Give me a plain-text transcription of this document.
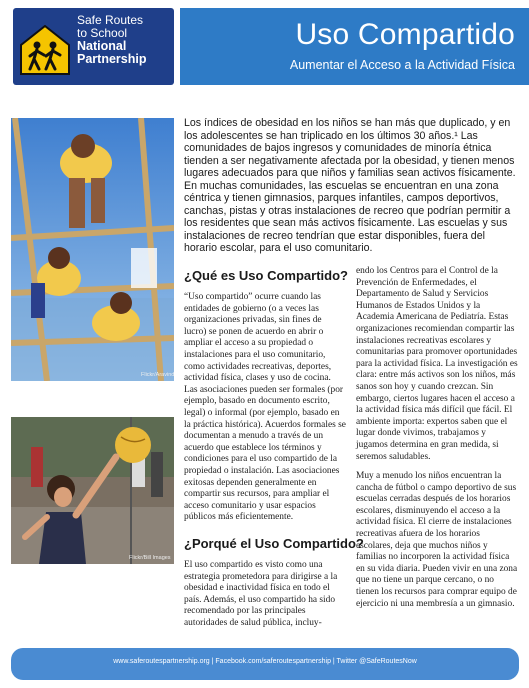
Safe Routes
to School
National
Partnership
Uso Compartido
Aumentar el Acceso a la Actividad Física
Flickr/Aravind
Flickr/Bill Images
Los índices de obesidad en los niños se han más que duplicado, y en los adolescentes se han triplicado en los últimos 30 años.¹ Las comunidades de bajos ingresos y comunidades de minoría étnica tienden a ser negativamente afectada por la obesidad, y tienen menos lugares adecuados para que niños y familias sean activos físicamente. En muchas comunidades, las escuelas se encuentran en una zona céntrica y tienen gimnasios, parques infantiles, campos deportivos, canchas, pistas y otras instalaciones de recreo que podrían permitir a los residentes que sean más activos físicamente. Las escuelas y sus instalaciones de recreo tendrían que estar disponibles, fuera del horario escolar, para el uso comunitario.
¿Qué es Uso Compartido?
“Uso compartido” ocurre cuando las entidades de gobierno (o a veces las organizaciones privadas, sin fines de lucro) se ponen de acuerdo en abrir o ampliar el acceso a su propiedad o instalaciones para el uso comunitario, como actividades recreativas, deportes, actividad física, clases y uso de cocina. Las asociaciones pueden ser formales (por ejemplo, basado en documento escrito, legal) o informal (por ejemplo, basado en la práctica histórica). Acuerdos formales se documentan a menudo a través de un acuerdo que establece los términos y condiciones para el uso compartido de la propiedad o instalación. Las asociaciones exitosas dependen generalmente en compartir sus recursos, para ampliar el acceso comunitario y usar espacios públicos más eficientemente.
¿Porqué el Uso Compartido?
El uso compartido es visto como una estrategia prometedora para dirigirse a la obesidad e inactividad física en todo el país. Además, el uso compartido ha sido recomendado por las principales autoridades de salud pública, incluy-

endo los Centros para el Control de la Prevención de Enfermedades, el Departamento de Salud y Servicios Humanos de Estados Unidos y la Academia Americana de Pediatría. Estas organizaciones recomiendan compartir las instalaciones recreativas escolares y comunitarias para promover oportunidades para la actividad física. La investigación es clara: entre más activos son los niños, más sanos son hoy y cuando crezcan. Sin embargo, ciertos lugares hacen el acceso a la actividad física más difícil que fácil. El ambiente importa: expertos saben que el lugar donde vivimos, trabajamos y jugamos determina en gran medida, si seremos saludables.

Muy a menudo los niños encuentran la cancha de fútbol o campo deportivo de sus escuelas cerradas después de los horarios escolares, disminuyendo el acceso a la actividad física. El cierre de instalaciones recreativas afuera de los horarios escolares, deja que muchos niños y familias no incorporen la actividad física en su vida diaria. Pueden vivir en una zona que no tiene un parque cercano, o no tienen los recursos para comprar equipo de ejercicio ni una membresía a un gimnasio.

www.saferoutespartnership.org | Facebook.com/saferoutespartnership | Twitter @SafeRoutesNow
